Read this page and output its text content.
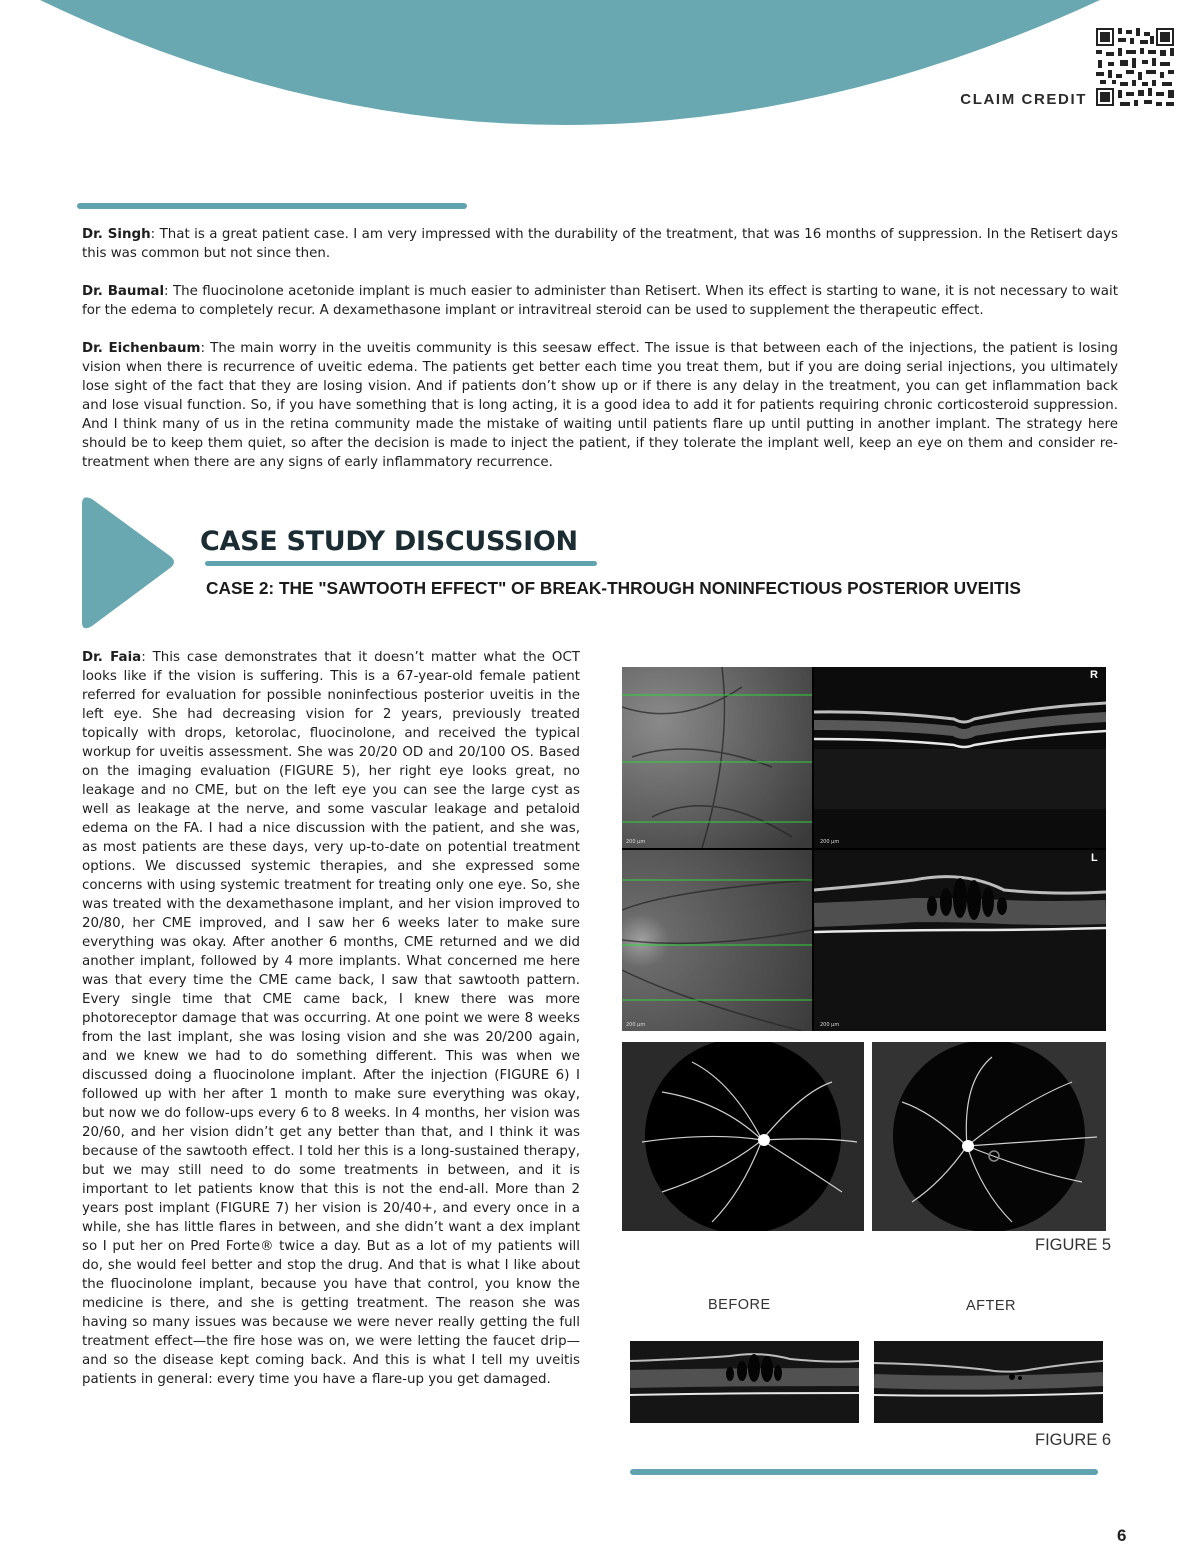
CLAIM CREDIT

Dr. Singh: That is a great patient case. I am very impressed with the durability of the treatment, that was 16 months of suppression. In the Retisert days this was common but not since then.

Dr. Baumal: The fluocinolone acetonide implant is much easier to administer than Retisert. When its effect is starting to wane, it is not necessary to wait for the edema to completely recur. A dexamethasone implant or intravitreal steroid can be used to supplement the therapeutic effect.

Dr. Eichenbaum: The main worry in the uveitis community is this seesaw effect. The issue is that between each of the injections, the patient is losing vision when there is recurrence of uveitic edema. The patients get better each time you treat them, but if you are doing serial injections, you ultimately lose sight of the fact that they are losing vision. And if patients don’t show up or if there is any delay in the treatment, you can get inflammation back and lose visual function. So, if you have something that is long acting, it is a good idea to add it for patients requiring chronic corticosteroid suppression. And I think many of us in the retina community made the mistake of waiting until patients flare up until putting in another implant. The strategy here should be to keep them quiet, so after the decision is made to inject the patient, if they tolerate the implant well, keep an eye on them and consider re-treatment when there are any signs of early inflammatory recurrence.

CASE STUDY DISCUSSION
CASE 2: THE "SAWTOOTH EFFECT" OF BREAK-THROUGH NONINFECTIOUS POSTERIOR UVEITIS

Dr. Faia: This case demonstrates that it doesn’t matter what the OCT looks like if the vision is suffering. This is a 67-year-old female patient referred for evaluation for possible noninfectious posterior uveitis in the left eye. She had decreasing vision for 2 years, previously treated topically with drops, ketorolac, fluocinolone, and received the typical workup for uveitis assessment. She was 20/20 OD and 20/100 OS. Based on the imaging evaluation (FIGURE 5), her right eye looks great, no leakage and no CME, but on the left eye you can see the large cyst as well as leakage at the nerve, and some vascular leakage and petaloid edema on the FA. I had a nice discussion with the patient, and she was, as most patients are these days, very up-to-date on potential treatment options. We discussed systemic therapies, and she expressed some concerns with using systemic treatment for treating only one eye. So, she was treated with the dexamethasone implant, and her vision improved to 20/80, her CME improved, and I saw her 6 weeks later to make sure everything was okay. After another 6 months, CME returned and we did another implant, followed by 4 more implants. What concerned me here was that every time the CME came back, I saw that sawtooth pattern. Every single time that CME came back, I knew there was more photoreceptor damage that was occurring. At one point we were 8 weeks from the last implant, she was losing vision and she was 20/200 again, and we knew we had to do something different. This was when we discussed doing a fluocinolone implant. After the injection (FIGURE 6) I followed up with her after 1 month to make sure everything was okay, but now we do follow-ups every 6 to 8 weeks. In 4 months, her vision was 20/60, and her vision didn’t get any better than that, and I think it was because of the sawtooth effect. I told her this is a long-sustained therapy, but we may still need to do some treatments in between, and it is important to let patients know that this is not the end-all. More than 2 years post implant (FIGURE 7) her vision is 20/40+, and every once in a while, she has little flares in between, and she didn’t want a dex implant so I put her on Pred Forte® twice a day. But as a lot of my patients will do, she would feel better and stop the drug. And that is what I like about the fluocinolone implant, because you have that control, you know the medicine is there, and she is getting treatment. The reason she was having so many issues was because we were never really getting the full treatment effect—the fire hose was on, we were letting the faucet drip—and so the disease kept coming back. And this is what I tell my uveitis patients in general: every time you have a flare-up you get damaged.

200 µm
R
200 µm
200 µm
L
200 µm
FIGURE 5
BEFORE	AFTER
FIGURE 6
6
